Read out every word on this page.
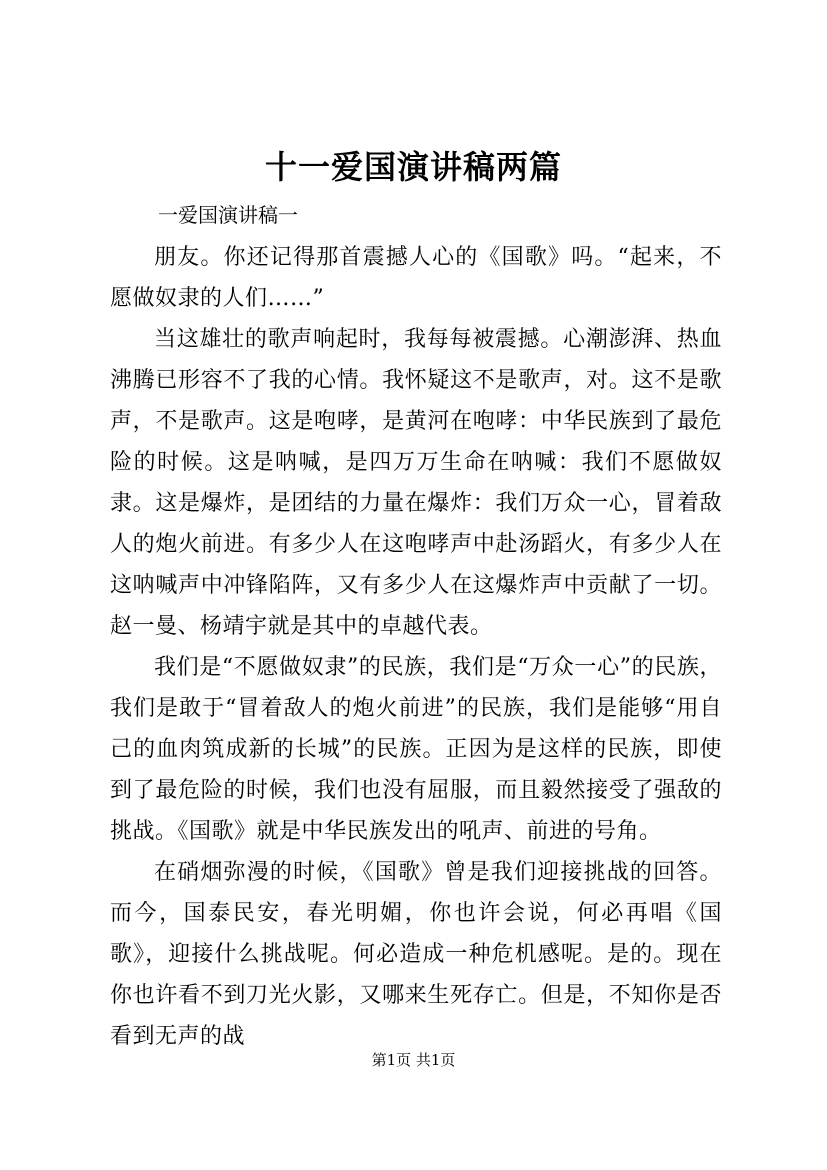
十一爱国演讲稿两篇

一爱国演讲稿一

朋友。你还记得那首震撼人心的《国歌》吗。“起来，不愿做奴隶的人们……”

当这雄壮的歌声响起时，我每每被震撼。心潮澎湃、热血沸腾已形容不了我的心情。我怀疑这不是歌声，对。这不是歌声，不是歌声。这是咆哮，是黄河在咆哮：中华民族到了最危险的时候。这是呐喊，是四万万生命在呐喊：我们不愿做奴隶。这是爆炸，是团结的力量在爆炸：我们万众一心，冒着敌人的炮火前进。有多少人在这咆哮声中赴汤蹈火，有多少人在这呐喊声中冲锋陷阵，又有多少人在这爆炸声中贡献了一切。赵一曼、杨靖宇就是其中的卓越代表。

我们是“不愿做奴隶”的民族，我们是“万众一心”的民族，我们是敢于“冒着敌人的炮火前进”的民族，我们是能够“用自己的血肉筑成新的长城”的民族。正因为是这样的民族，即使到了最危险的时候，我们也没有屈服，而且毅然接受了强敌的挑战。《国歌》就是中华民族发出的吼声、前进的号角。

在硝烟弥漫的时候，《国歌》曾是我们迎接挑战的回答。而今，国泰民安，春光明媚，你也许会说，何必再唱《国歌》，迎接什么挑战呢。何必造成一种危机感呢。是的。现在你也许看不到刀光火影，又哪来生死存亡。但是，不知你是否看到无声的战

第1页 共1页
